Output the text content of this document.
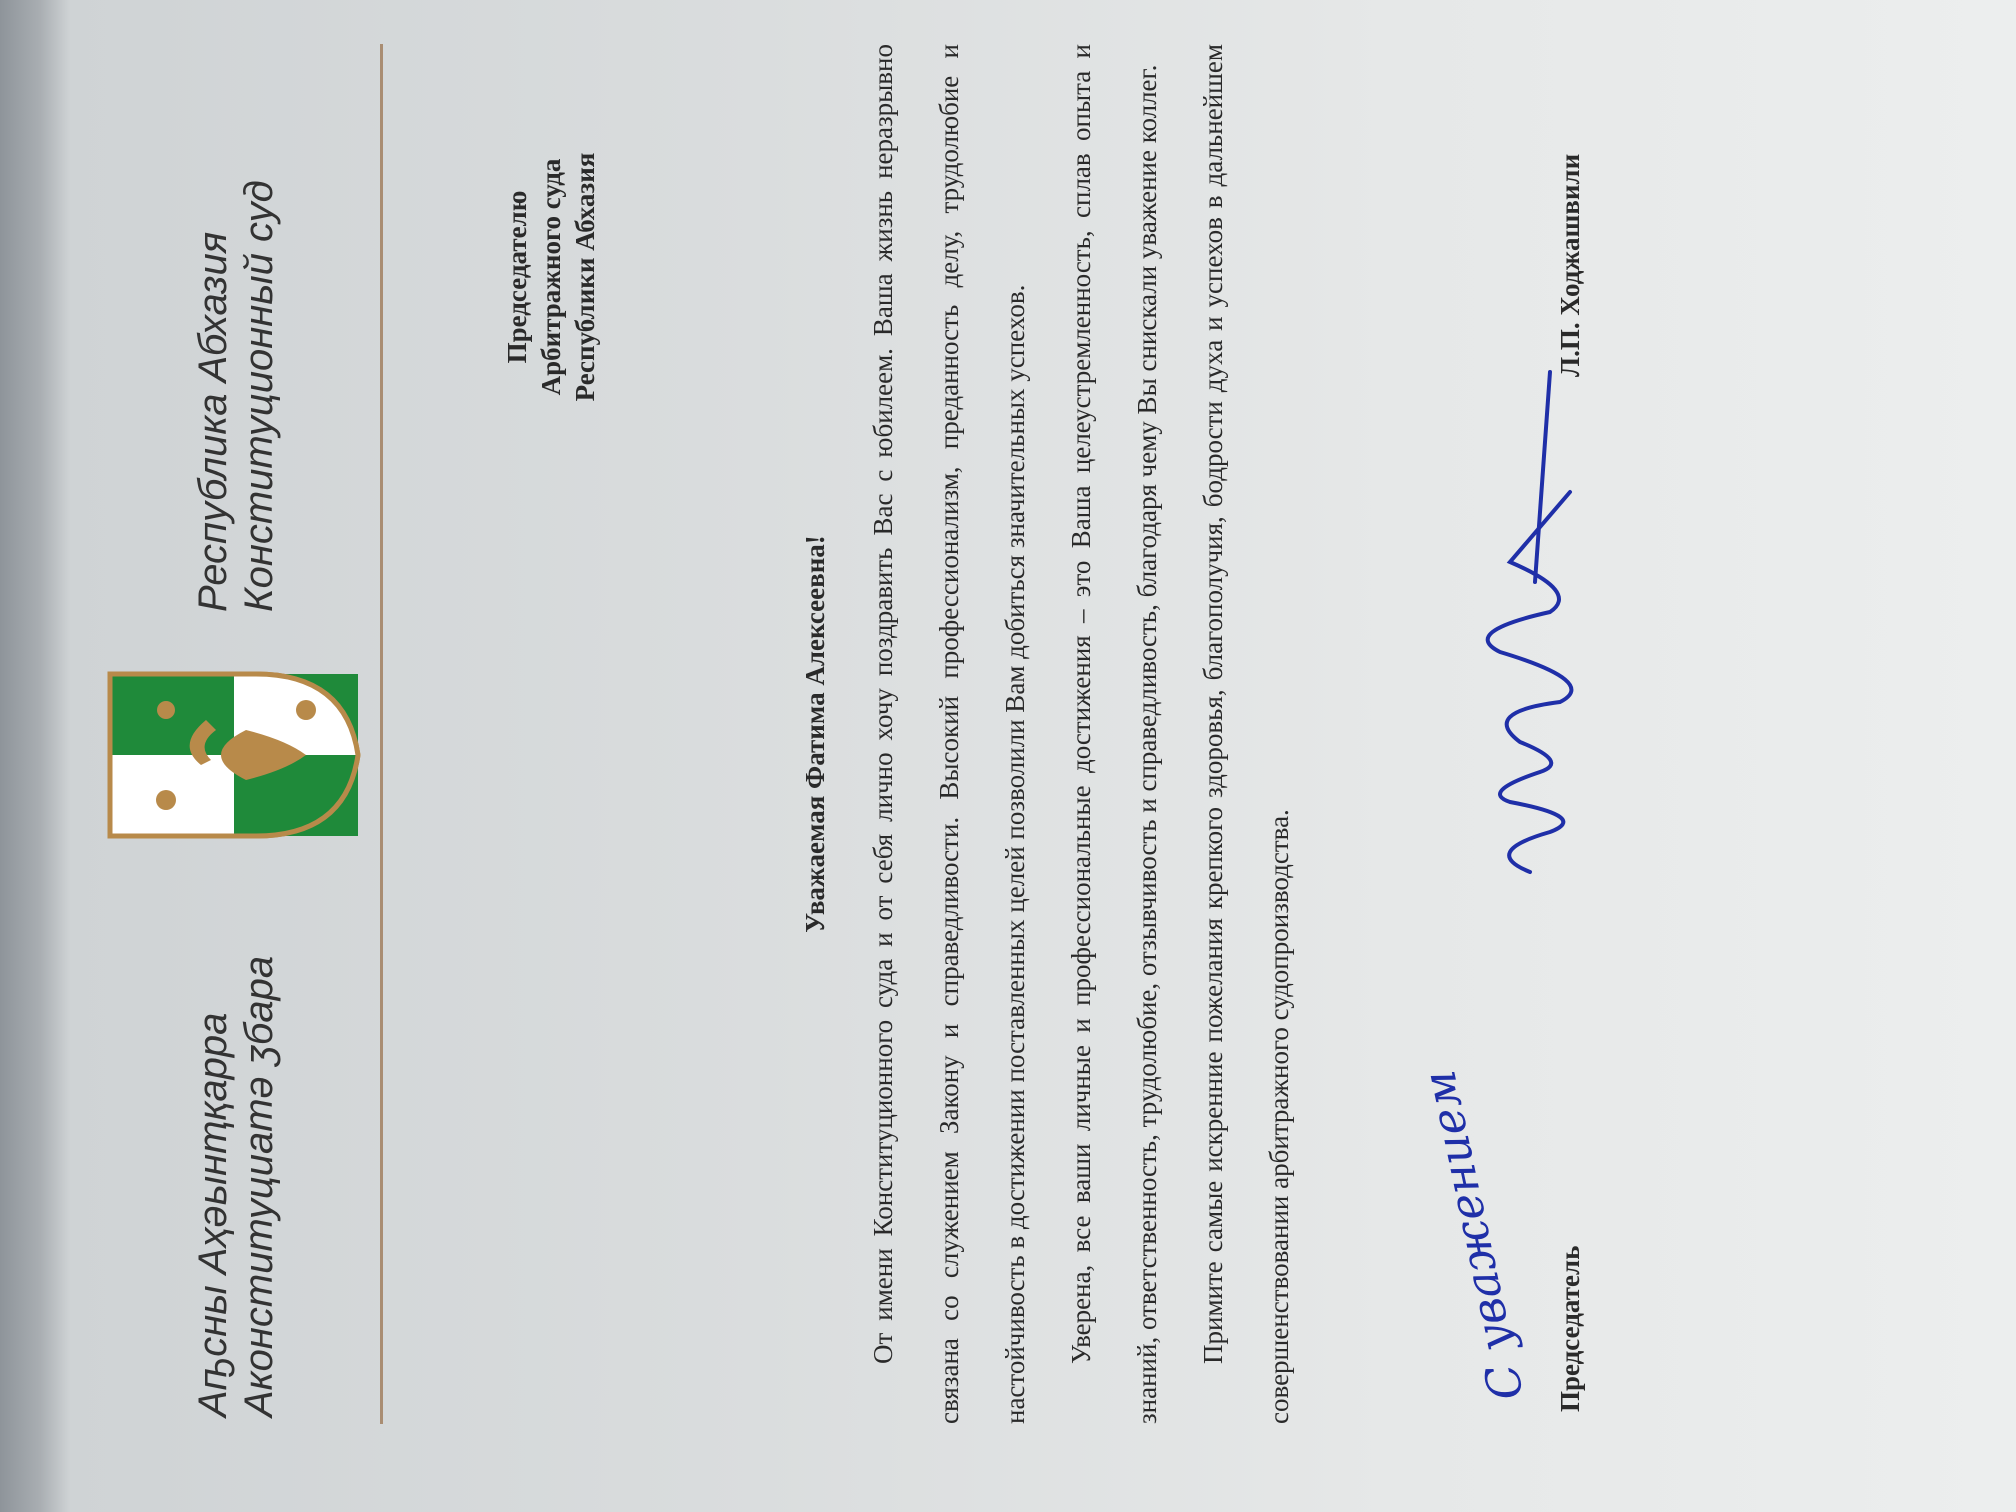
Аҧсны Аҳәынҭқарра Аконституциатә ӡбара
Республика Абхазия Конституционный суд	Председателю Арбитражного суда Республики Абхазия
Уважаемая Фатима Алексеевна!	От имени Конституционного суда и от себя лично хочу поздравить Вас с юбилеем. Ваша жизнь неразрывно связана со служением Закону и справедливости. Высокий профессионализм, преданность делу, трудолюбие и настойчивость в достижении поставленных целей позволили Вам добиться значительных успехов.	Уверена, все ваши личные и профессиональные достижения – это Ваша целеустремленность, сплав опыта и знаний, ответственность, трудолюбие, отзывчивость и справедливость, благодаря чему Вы снискали уважение коллег.	Примите самые искренние пожелания крепкого здоровья, благополучия, бодрости духа и успехов в дальнейшем совершенствовании арбитражного судопроизводства.	С уважением Председатель
Л.П. Ходжашвили
